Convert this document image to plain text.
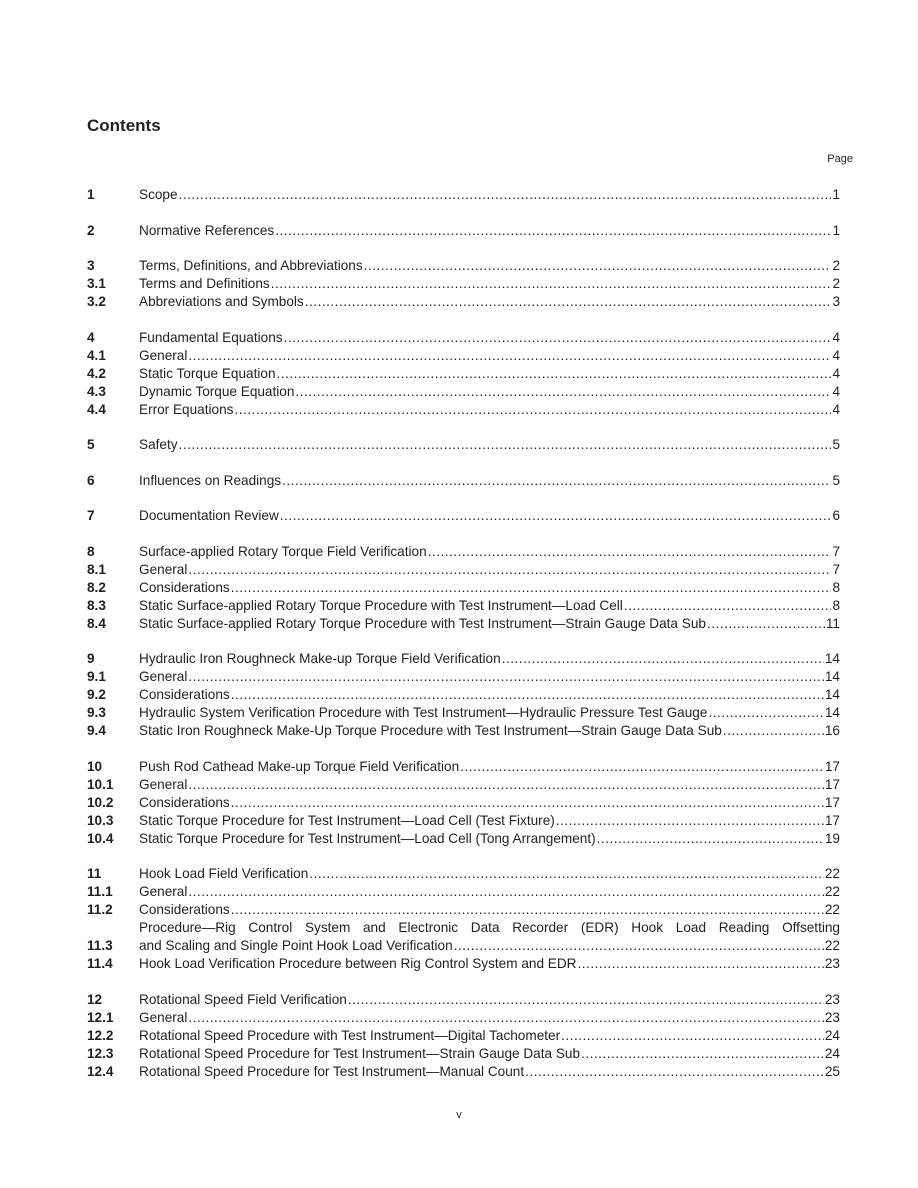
Contents
Page
1	Scope .....	1
2	Normative References .....	1
3	Terms, Definitions, and Abbreviations .....	2
3.1	Terms and Definitions .....	2
3.2	Abbreviations and Symbols .....	3
4	Fundamental Equations .....	4
4.1	General .....	4
4.2	Static Torque Equation .....	4
4.3	Dynamic Torque Equation .....	4
4.4	Error Equations .....	4
5	Safety .....	5
6	Influences on Readings .....	5
7	Documentation Review .....	6
8	Surface-applied Rotary Torque Field Verification .....	7
8.1	General .....	7
8.2	Considerations .....	8
8.3	Static Surface-applied Rotary Torque Procedure with Test Instrument—Load Cell .....	8
8.4	Static Surface-applied Rotary Torque Procedure with Test Instrument—Strain Gauge Data Sub .....	11
9	Hydraulic Iron Roughneck Make-up Torque Field Verification .....	14
9.1	General .....	14
9.2	Considerations .....	14
9.3	Hydraulic System Verification Procedure with Test Instrument—Hydraulic Pressure Test Gauge .....	14
9.4	Static Iron Roughneck Make-Up Torque Procedure with Test Instrument—Strain Gauge Data Sub .....	16
10	Push Rod Cathead Make-up Torque Field Verification .....	17
10.1	General .....	17
10.2	Considerations .....	17
10.3	Static Torque Procedure for Test Instrument—Load Cell (Test Fixture) .....	17
10.4	Static Torque Procedure for Test Instrument—Load Cell (Tong Arrangement) .....	19
11	Hook Load Field Verification .....	22
11.1	General .....	22
11.2	Considerations .....	22
11.3
Procedure—Rig Control System and Electronic Data Recorder (EDR) Hook Load Reading Offsetting
and Scaling and Single Point Hook Load Verification .....	22
11.4	Hook Load Verification Procedure between Rig Control System and EDR .....	23
12	Rotational Speed Field Verification .....	23
12.1	General .....	23
12.2	Rotational Speed Procedure with Test Instrument—Digital Tachometer .....	24
12.3	Rotational Speed Procedure for Test Instrument—Strain Gauge Data Sub .....	24
12.4	Rotational Speed Procedure for Test Instrument—Manual Count .....	25
v
